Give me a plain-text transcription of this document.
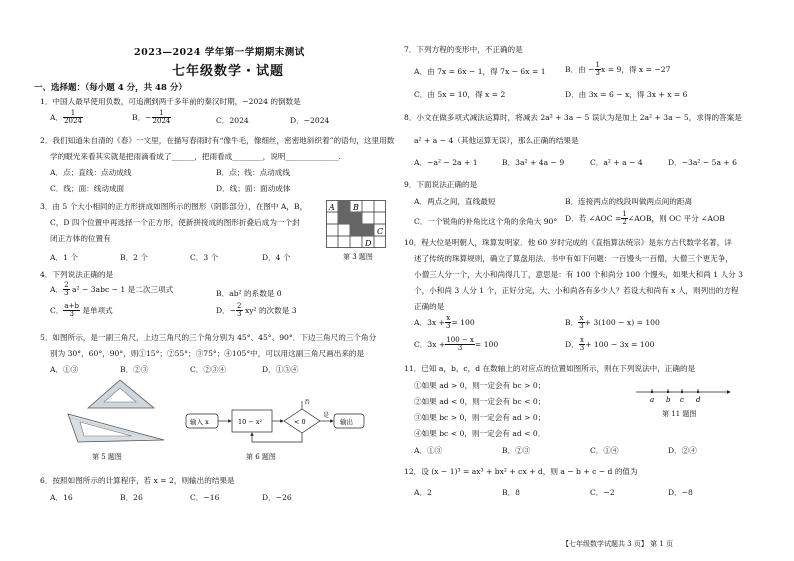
2023—2024 学年第一学期期末测试
七年级数学・试题
一、选择题：（每小题 4 分，共 48 分）
1．中国人最早使用负数，可追溯到两千多年前的秦汉时期，−2024 的倒数是
A． $\frac{1}{2024}$	B．− $\frac{1}{2024}$	C．2024	D．−2024
2．我们知道朱自清的《春》一文里，在描写春雨时有“像牛毛，像细丝，密密地斜织着”的语句，这里用数
学的眼光来看其实就是把雨滴看成了______，把雨看成________，说明______________.
A．点；直线：点动成线	B．点；线：点动成线
C．线；面：线动成面	D．线；面：面动成体
3．由 5 个大小相同的正方形拼成如图所示的图形（阴影部分），在图中 A，B，
C，D 四个位置中再选择一个正方形，使新拼接成的图形折叠后成为一个封
闭正方体的位置有
A．1 个	B．2 个	C．3 个	D．4 个
A B
C
D
第 3 题图
4．下列说法正确的是
A． $\frac{2}{3} a^2 - 3abc - 1$ 是二次三项式	B．ab² 的系数是 0
C． $\frac{a+b}{3}$ 是单项式	D．− $\frac{2}{3} xy^2$ 的次数是 3
5．如图所示，是一副三角尺，上边三角尺的三个角分别为 45°、45°、90°．下边三角尺的三个角分
别为 30°，60°，90°，则①15°；②55°；③75°；④105°中，可以用这副三角尺画出来的是
A．①③	B．②③	C．②③④	D．①③④
第 5 题图
输入 x	10 − x²	< 0	输出
是
否
第 6 题图
6．按照如图所示的计算程序，若 x = 2，则输出的结果是
A．16	B．26	C．−16	D．−26
7．下列方程的变形中，不正确的是
A．由 7x = 6x − 1，得 7x − 6x = 1	B．由 − $\frac{1}{3}$ x = 9，得 x = −27
C．由 5x = 10，得 x = 2	D．由 3x = 6 − x，得 3x + x = 6
8．小文在做多项式减法运算时，将减去 2a² + 3a − 5 误认为是加上 2a² + 3a − 5，求得的答案是
a² + a − 4（其他运算无误），那么正确的结果是
A．−a² − 2a + 1	B．3a² + 4a − 9	C．a² + a − 4	D．−3a² − 5a + 6
9．下面说法正确的是
A．两点之间，直线最短	B．连接两点的线段叫做两点间的距离
C．一个锐角的补角比这个角的余角大 90° D．若 ∠AOC = $\frac{1}{2}$ ∠AOB，则 OC 平分 ∠AOB
10．程大位是明朝人，珠算发明家．他 60 岁时完成的《直指算法统宗》是东方古代数学名著，详
述了传统的珠算规则，确立了算盘用法．书中有如下问题：一百馒头一百僧，大僧三个更无争，
小僧三人分一个，大小和尚得几丁，意思是：有 100 个和尚分 100 个馒头，如果大和尚 1 人分 3
个，小和尚 3 人分 1 个，正好分完，大、小和尚各有多少人？若设大和尚有 x 人，则列出的方程
正确的是
A．$3x + \frac{x}{3} = 100$	B． $\frac{x}{3} + 3(100 - x) = 100$
C．$3x + \frac{100 - x}{3} = 100$	D． $\frac{x}{3} + 100 - 3x = 100$
11．已知 a，b，c，d 在数轴上的对应点的位置如图所示，则在下列说法中，正确的是
①如果 ad > 0，则一定会有 bc > 0；
②如果 ad < 0，则一定会有 bc < 0；
③如果 bc > 0，则一定会有 ad > 0；
④如果 bc < 0，则一定会有 ad < 0．
a b c d
第 11 题图
A．①③	B．②③	C．①④	D．②④
12．设 (x − 1)³ = ax³ + bx² + cx + d，则 a − b + c − d 的值为
A．2	B．8	C．−2	D．−8
【七年级数学试题共 3 页】 第 1 页
